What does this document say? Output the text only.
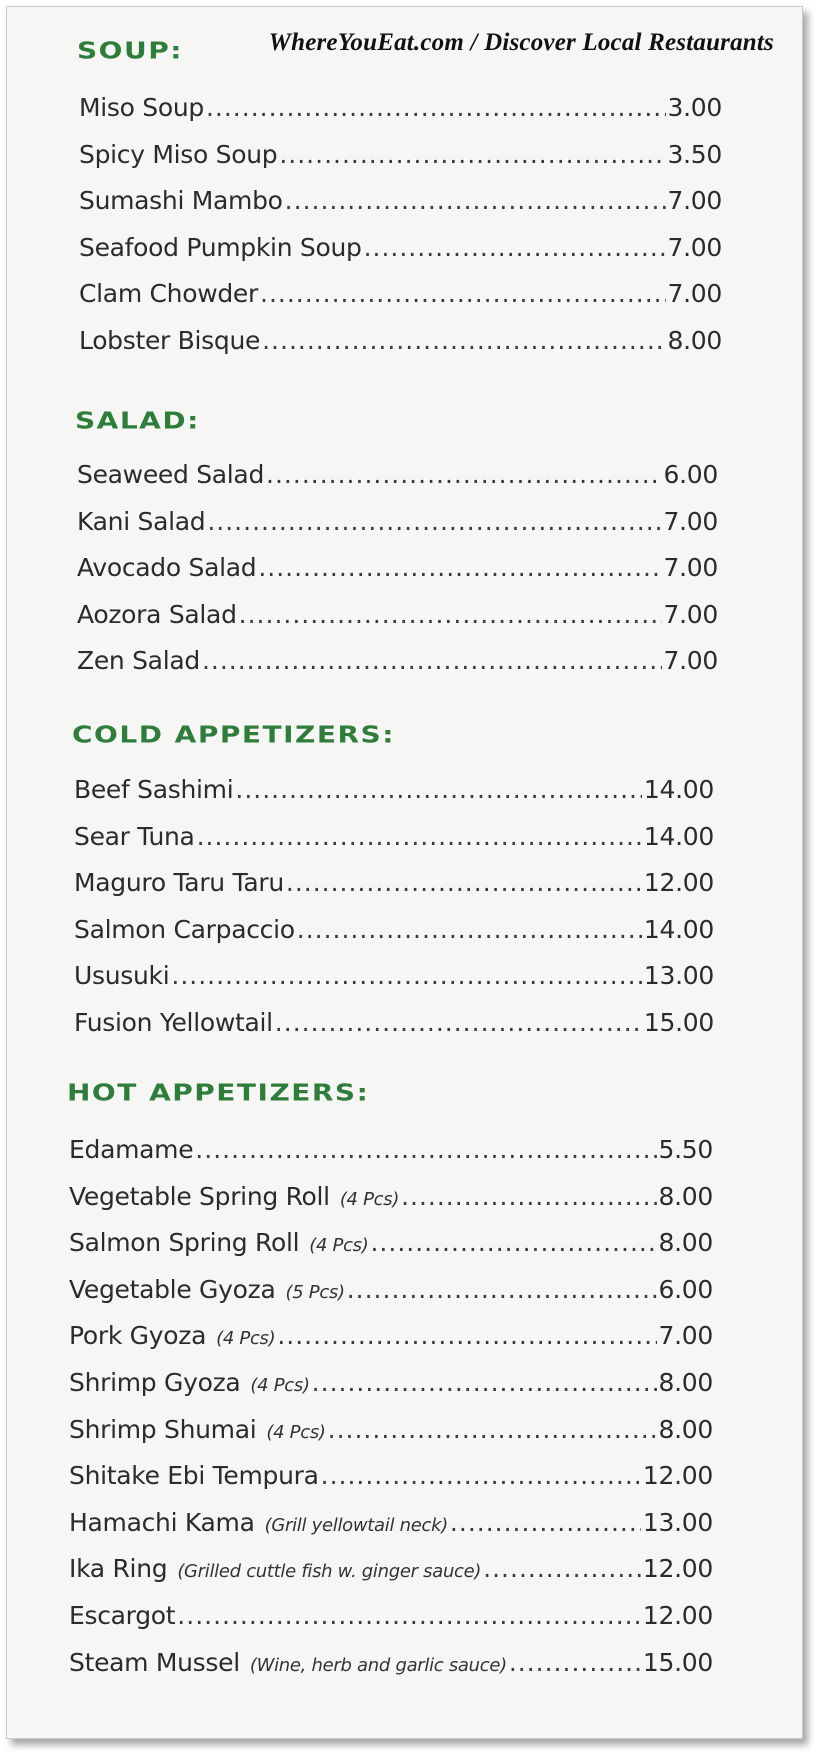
WhereYouEat.com / Discover Local Restaurants
SOUP:
Miso Soup .....	3.00
Spicy Miso Soup .....	3.50
Sumashi Mambo .....	7.00
Seafood Pumpkin Soup .....	7.00
Clam Chowder .....	7.00
Lobster Bisque .....	8.00
SALAD:
Seaweed Salad .....	6.00
Kani Salad .....	7.00
Avocado Salad .....	7.00
Aozora Salad .....	7.00
Zen Salad .....	7.00
COLD APPETIZERS:
Beef Sashimi .....	14.00
Sear Tuna .....	14.00
Maguro Taru Taru .....	12.00
Salmon Carpaccio .....	14.00
Ususuki .....	13.00
Fusion Yellowtail .....	15.00
HOT APPETIZERS:
Edamame .....	5.50
Vegetable Spring Roll (4 Pcs) .....	8.00
Salmon Spring Roll (4 Pcs) .....	8.00
Vegetable Gyoza (5 Pcs) .....	6.00
Pork Gyoza (4 Pcs) .....	7.00
Shrimp Gyoza (4 Pcs) .....	8.00
Shrimp Shumai (4 Pcs) .....	8.00
Shitake Ebi Tempura .....	12.00
Hamachi Kama (Grill yellowtail neck) .....	13.00
Ika Ring (Grilled cuttle fish w. ginger sauce) .....	12.00
Escargot .....	12.00
Steam Mussel (Wine, herb and garlic sauce) .....	15.00
